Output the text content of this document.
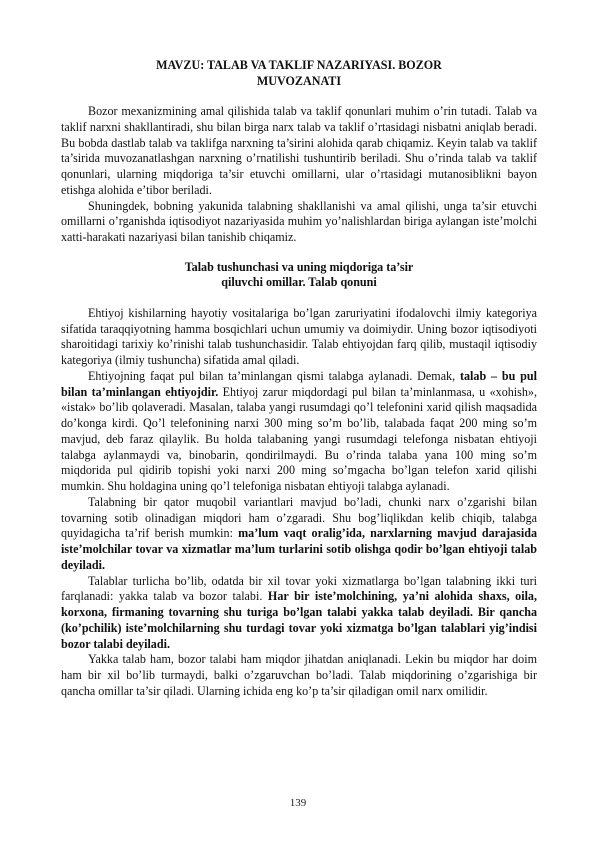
MAVZU: TALAB VA TAKLIF NAZARIYASI. BOZOR
MUVOZANATI

Bozor mexanizmining amal qilishida talab va taklif qonunlari muhim o’rin tutadi. Talab va taklif narxni shakllantiradi, shu bilan birga narx talab va taklif o’rtasidagi nisbatni aniqlab beradi. Bu bobda dastlab talab va taklifga narxning ta’sirini alohida qarab chiqamiz. Keyin talab va taklif ta’sirida muvozanatlashgan narxning o’rnatilishi tushuntirib beriladi. Shu o’rinda talab va taklif qonunlari, ularning miqdoriga ta’sir etuvchi omillarni, ular o’rtasidagi mutanosiblikni bayon etishga alohida e’tibor beriladi.

Shuningdek, bobning yakunida talabning shakllanishi va amal qilishi, unga ta’sir etuvchi omillarni o’rganishda iqtisodiyot nazariyasida muhim yo’nalishlardan biriga aylangan iste’molchi xatti-harakati nazariyasi bilan tanishib chiqamiz.

Talab tushunchasi va uning miqdoriga ta’sir
qiluvchi omillar. Talab qonuni

Ehtiyoj kishilarning hayotiy vositalariga bo’lgan zaruriyatini ifodalovchi ilmiy kategoriya sifatida taraqqiyotning hamma bosqichlari uchun umumiy va doimiydir. Uning bozor iqtisodiyoti sharoitidagi tarixiy ko’rinishi talab tushunchasidir. Talab ehtiyojdan farq qilib, mustaqil iqtisodiy kategoriya (ilmiy tushuncha) sifatida amal qiladi.

Ehtiyojning faqat pul bilan ta’minlangan qismi talabga aylanadi. Demak, talab – bu pul bilan ta’minlangan ehtiyojdir. Ehtiyoj zarur miqdordagi pul bilan ta’minlanmasa, u «xohish», «istak» bo’lib qolaveradi. Masalan, talaba yangi rusumdagi qo’l telefonini xarid qilish maqsadida do’konga kirdi. Qo’l telefonining narxi 300 ming so’m bo’lib, talabada faqat 200 ming so’m mavjud, deb faraz qilaylik. Bu holda talabaning yangi rusumdagi telefonga nisbatan ehtiyoji talabga aylanmaydi va, binobarin, qondirilmaydi. Bu o’rinda talaba yana 100 ming so’m miqdorida pul qidirib topishi yoki narxi 200 ming so’mgacha bo’lgan telefon xarid qilishi mumkin. Shu holdagina uning qo’l telefoniga nisbatan ehtiyoji talabga aylanadi.

Talabning bir qator muqobil variantlari mavjud bo’ladi, chunki narx o’zgarishi bilan tovarning sotib olinadigan miqdori ham o’zgaradi. Shu bog’liqlikdan kelib chiqib, talabga quyidagicha ta’rif berish mumkin: ma’lum vaqt oralig’ida, narxlarning mavjud darajasida iste’molchilar tovar va xizmatlar ma’lum turlarini sotib olishga qodir bo’lgan ehtiyoji talab deyiladi.

Talablar turlicha bo’lib, odatda bir xil tovar yoki xizmatlarga bo’lgan talabning ikki turi farqlanadi: yakka talab va bozor talabi. Har bir iste’molchining, ya’ni alohida shaxs, oila, korxona, firmaning tovarning shu turiga bo’lgan talabi yakka talab deyiladi. Bir qancha (ko’pchilik) iste’molchilarning shu turdagi tovar yoki xizmatga bo’lgan talablari yig’indisi bozor talabi deyiladi.

Yakka talab ham, bozor talabi ham miqdor jihatdan aniqlanadi. Lekin bu miqdor har doim ham bir xil bo’lib turmaydi, balki o’zgaruvchan bo’ladi. Talab miqdorining o’zgarishiga bir qancha omillar ta’sir qiladi. Ularning ichida eng ko’p ta’sir qiladigan omil narx omilidir.

139
